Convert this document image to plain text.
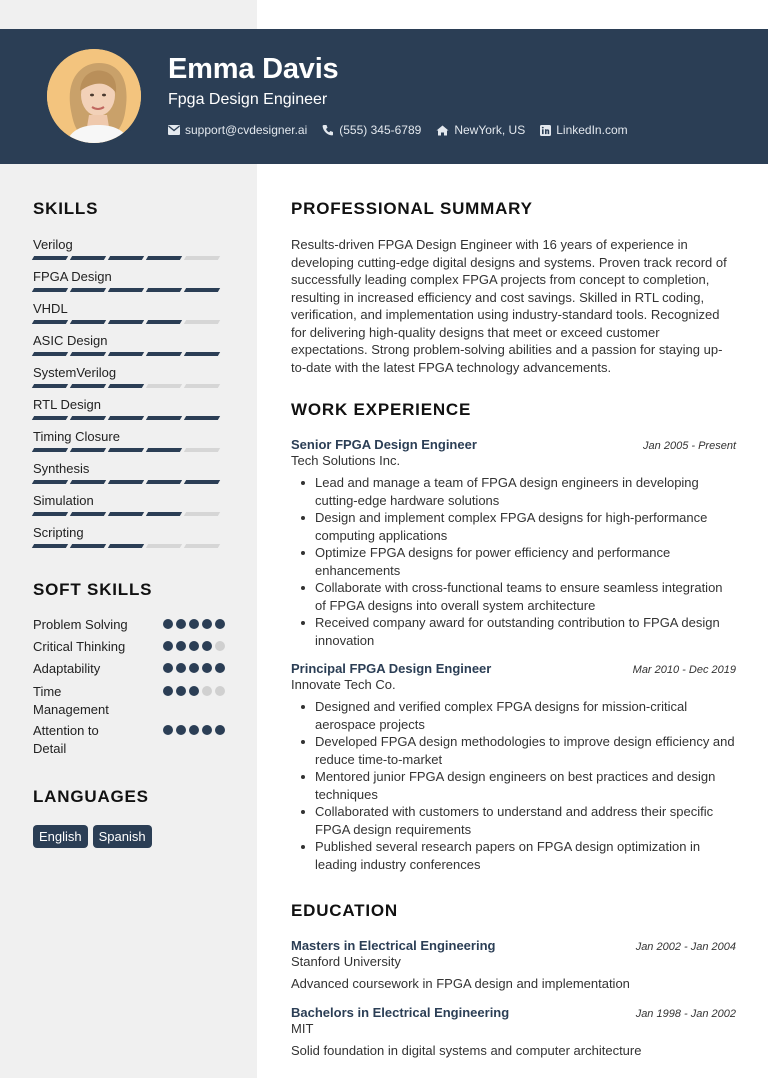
Emma Davis
Fpga Design Engineer
support@cvdesigner.ai	(555) 345-6789	NewYork, US	LinkedIn.com
SKILLS
Verilog
FPGA Design
VHDL
ASIC Design
SystemVerilog
RTL Design
Timing Closure
Synthesis
Simulation
Scripting
SOFT SKILLS
Problem Solving
Critical Thinking
Adaptability
Time Management
Attention to Detail
LANGUAGES
English	Spanish
PROFESSIONAL SUMMARY
Results-driven FPGA Design Engineer with 16 years of experience in developing cutting-edge digital designs and systems. Proven track record of successfully leading complex FPGA projects from concept to completion, resulting in increased efficiency and cost savings. Skilled in RTL coding, verification, and implementation using industry-standard tools. Recognized for delivering high-quality designs that meet or exceed customer expectations. Strong problem-solving abilities and a passion for staying up-to-date with the latest FPGA technology advancements.
WORK EXPERIENCE
Senior FPGA Design Engineer	Jan 2005 - Present
Tech Solutions Inc.
Lead and manage a team of FPGA design engineers in developing cutting-edge hardware solutions
Design and implement complex FPGA designs for high-performance computing applications
Optimize FPGA designs for power efficiency and performance enhancements
Collaborate with cross-functional teams to ensure seamless integration of FPGA designs into overall system architecture
Received company award for outstanding contribution to FPGA design innovation
Principal FPGA Design Engineer	Mar 2010 - Dec 2019
Innovate Tech Co.
Designed and verified complex FPGA designs for mission-critical aerospace projects
Developed FPGA design methodologies to improve design efficiency and reduce time-to-market
Mentored junior FPGA design engineers on best practices and design techniques
Collaborated with customers to understand and address their specific FPGA design requirements
Published several research papers on FPGA design optimization in leading industry conferences
EDUCATION
Masters in Electrical Engineering	Jan 2002 - Jan 2004
Stanford University
Advanced coursework in FPGA design and implementation
Bachelors in Electrical Engineering	Jan 1998 - Jan 2002
MIT
Solid foundation in digital systems and computer architecture
